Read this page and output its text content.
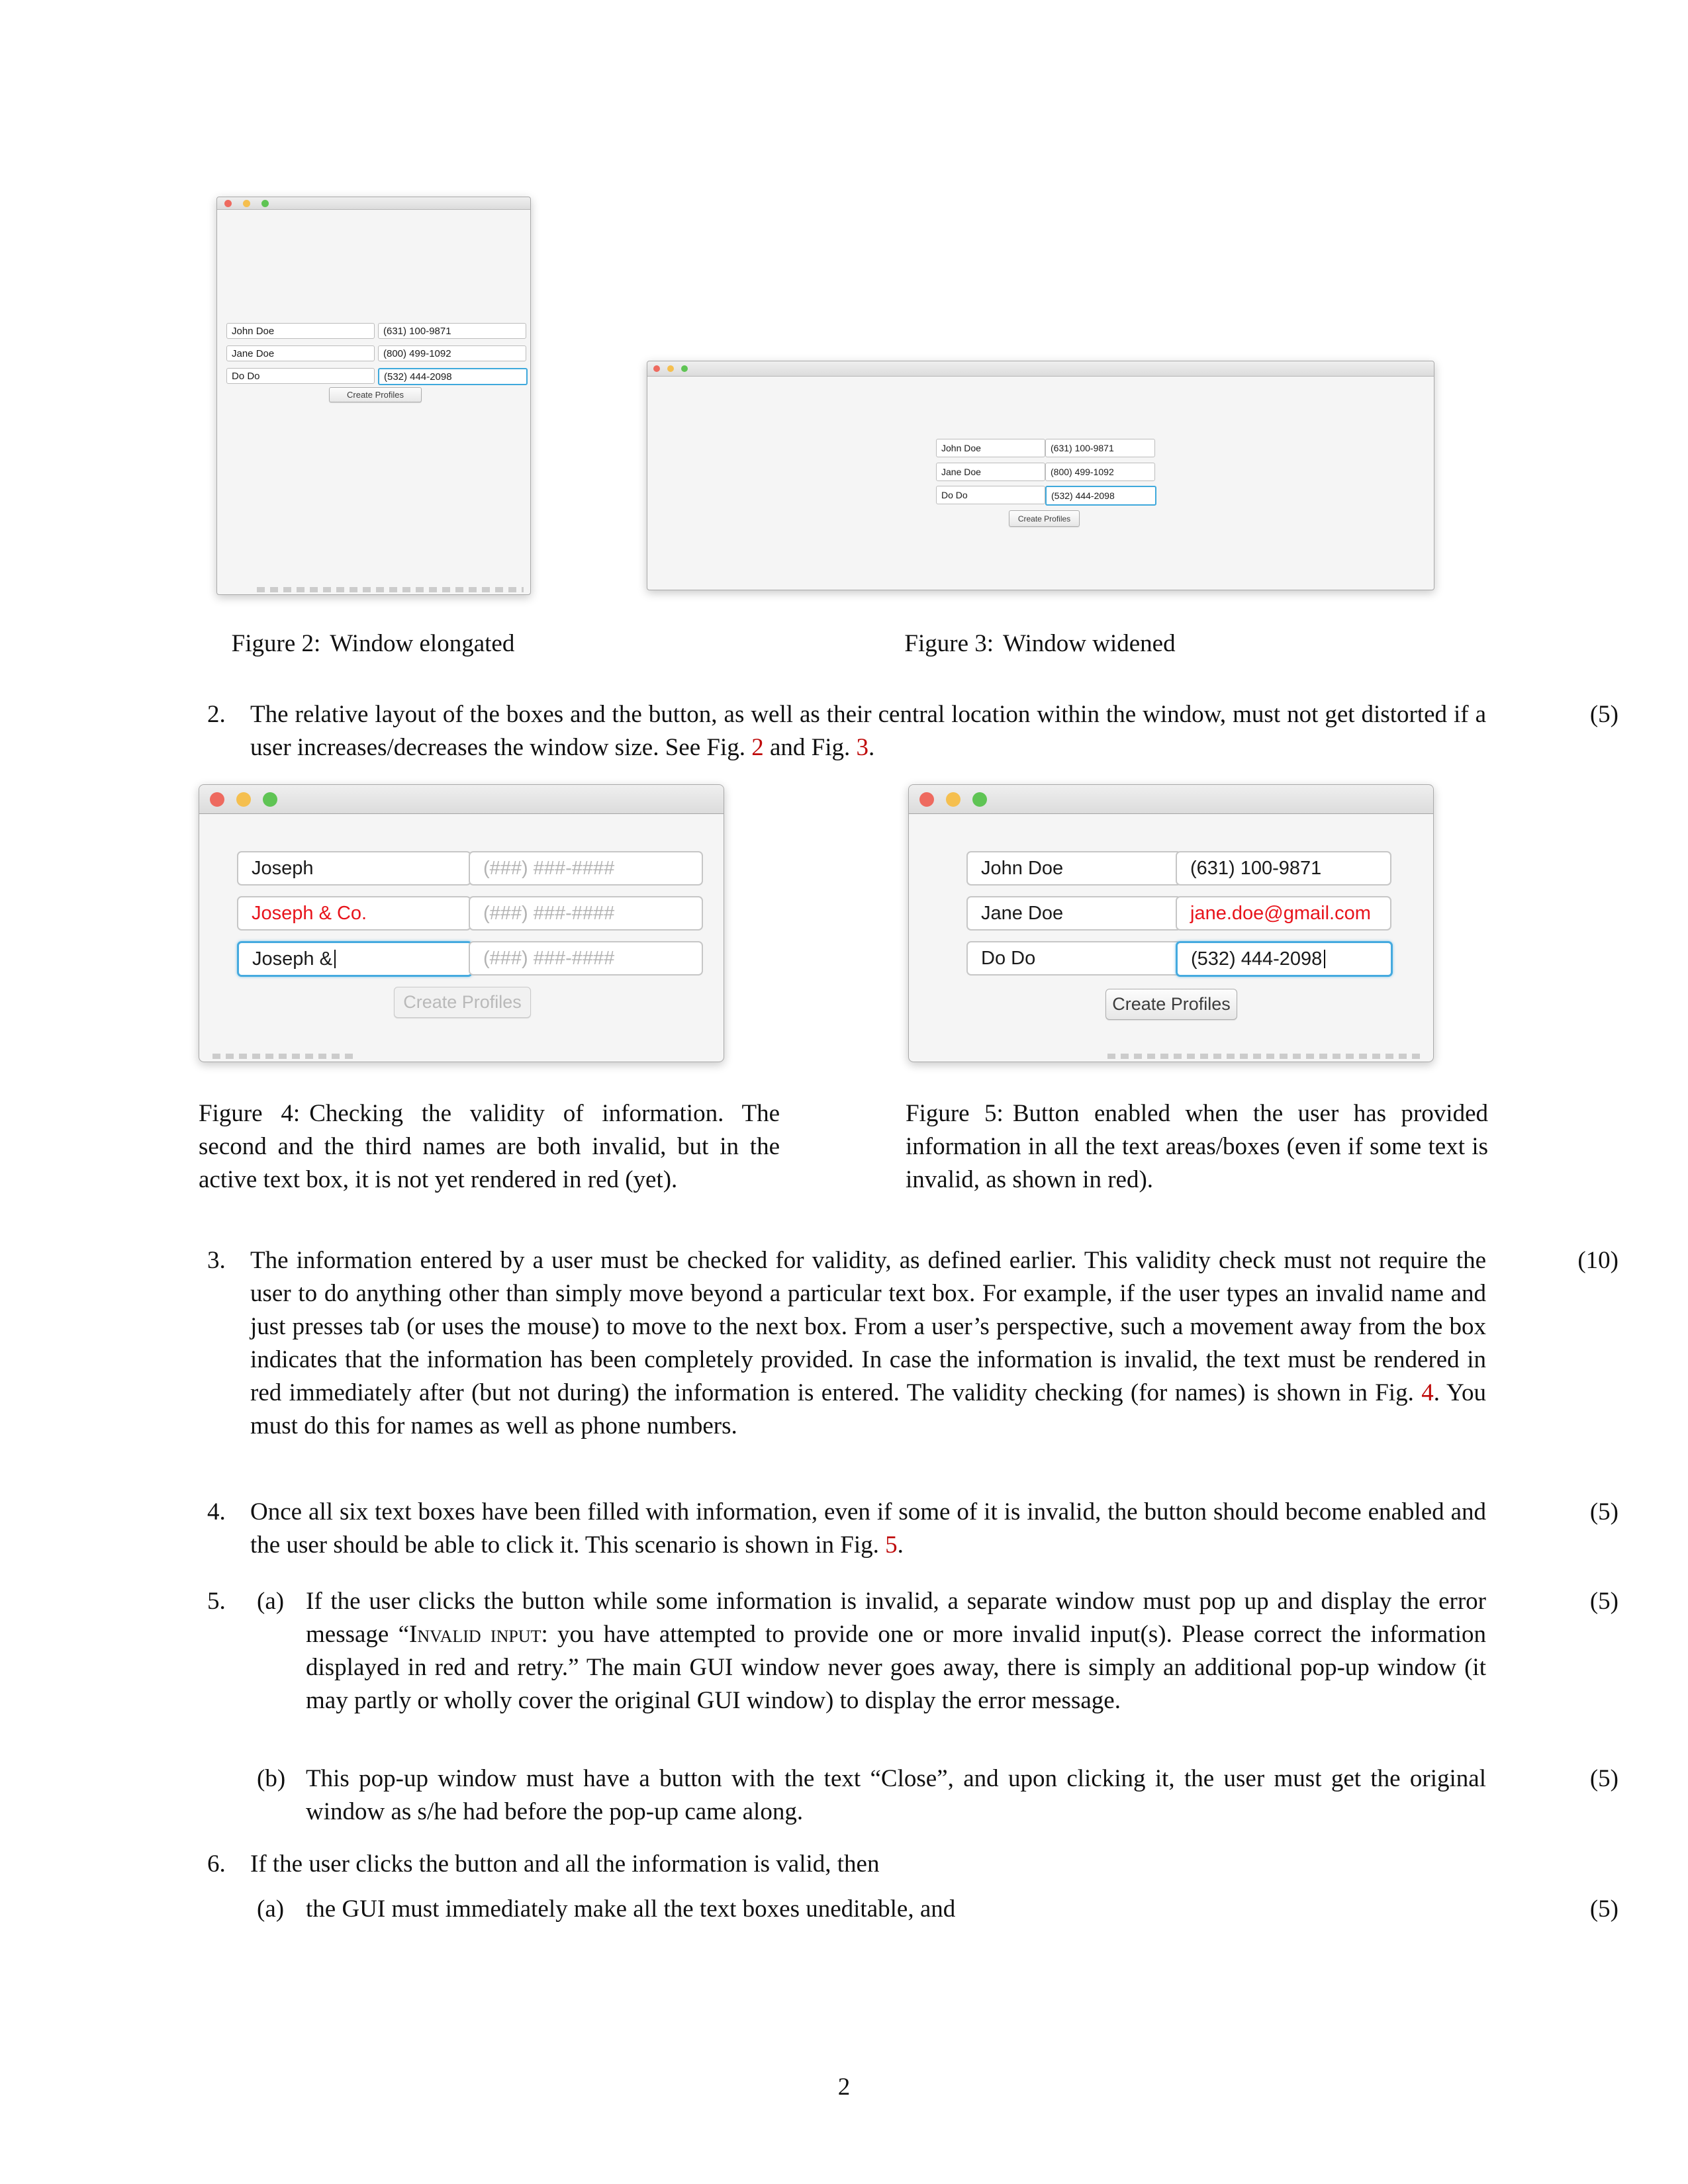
John Doe	(631) 100-9871
Jane Doe	(800) 499-1092
Do Do	(532) 444-2098
Create Profiles
John Doe	(631) 100-9871
Jane Doe	(800) 499-1092
Do Do	(532) 444-2098
Create Profiles

Figure 2: Window elongated	Figure 3: Window widened

2.	(5)

The relative layout of the boxes and the button, as well as their central location within the window, must not get distorted if a user increases/decreases the window size. See Fig. 2 and Fig. 3.

Joseph	(###) ###-####
Joseph & Co.	(###) ###-####
Joseph &	(###) ###-####
Create Profiles
John Doe	(631) 100-9871
Jane Doe	jane.doe@gmail.com
Do Do	(532) 444-2098
Create Profiles

Figure 4: Checking the validity of information. The second and the third names are both invalid, but in the active text box, it is not yet rendered in red (yet).

Figure 5: Button enabled when the user has provided information in all the text areas/boxes (even if some text is invalid, as shown in red).

3.	(10)

The information entered by a user must be checked for validity, as defined earlier. This validity check must not require the user to do anything other than simply move beyond a particular text box. For example, if the user types an invalid name and just presses tab (or uses the mouse) to move to the next box. From a user’s perspective, such a movement away from the box indicates that the information has been completely provided. In case the information is invalid, the text must be rendered in red immediately after (but not during) the information is entered. The validity checking (for names) is shown in Fig. 4. You must do this for names as well as phone numbers.

4.	(5)

Once all six text boxes have been filled with information, even if some of it is invalid, the button should become enabled and the user should be able to click it. This scenario is shown in Fig. 5.

5. (a)	(5)

If the user clicks the button while some information is invalid, a separate window must pop up and display the error message “Invalid input: you have attempted to provide one or more invalid input(s). Please correct the information displayed in red and retry.” The main GUI window never goes away, there is simply an additional pop-up window (it may partly or wholly cover the original GUI window) to display the error message.

(b)	(5)

This pop-up window must have a button with the text “Close”, and upon clicking it, the user must get the original window as s/he had before the pop-up came along.

6. If the user clicks the button and all the information is valid, then

(a)	(5)

the GUI must immediately make all the text boxes uneditable, and

2
